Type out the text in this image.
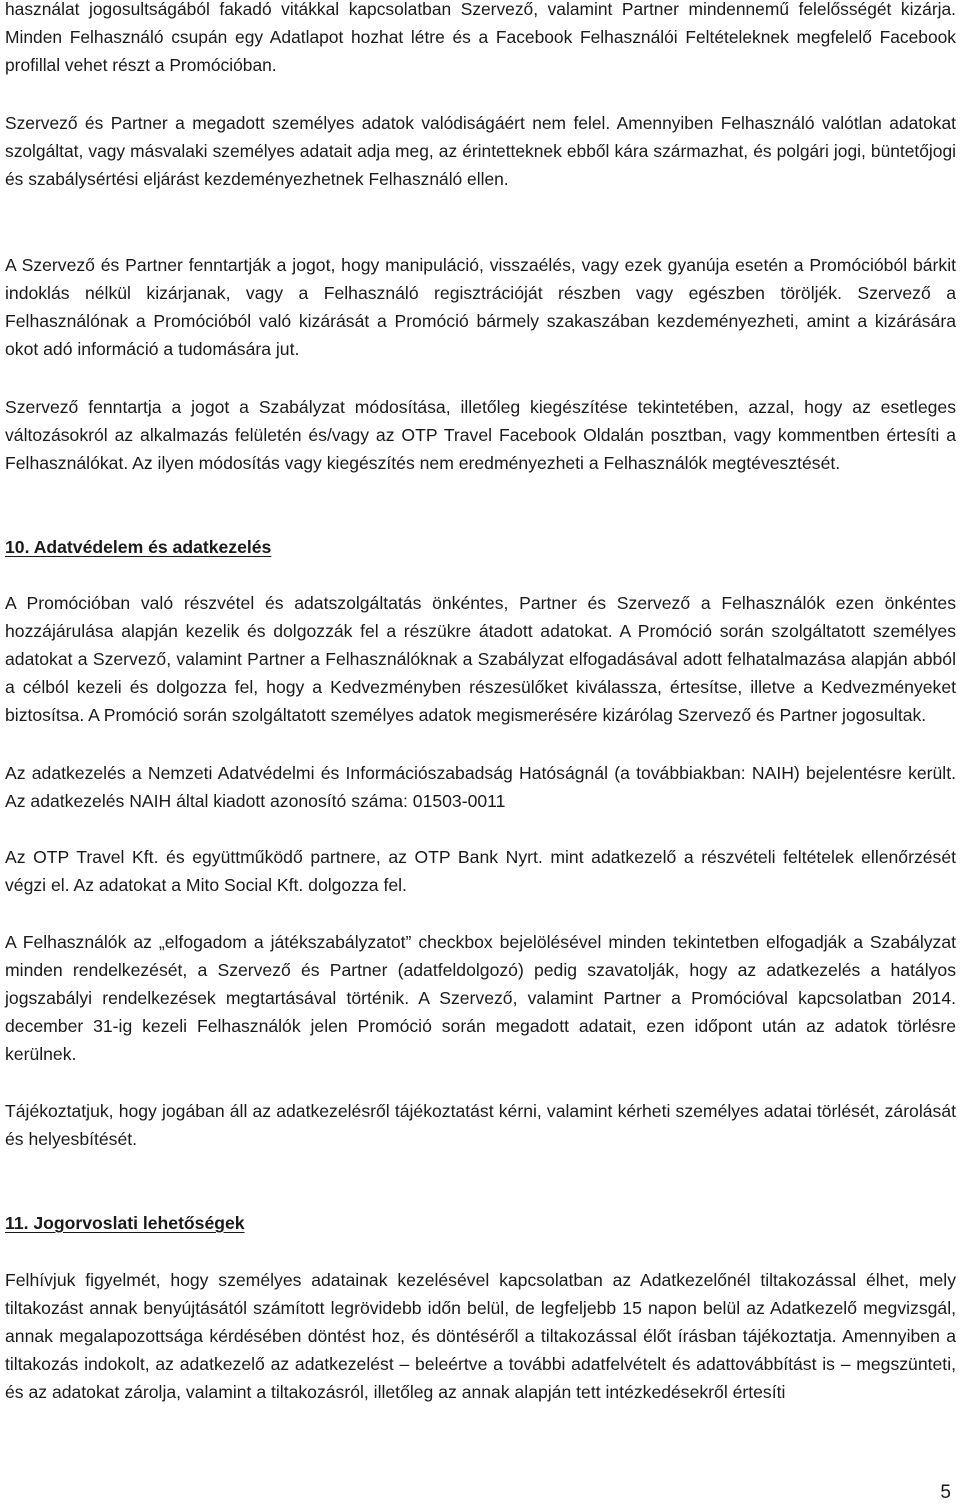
használat jogosultságából fakadó vitákkal kapcsolatban Szervező, valamint Partner mindennemű felelősségét kizárja. Minden Felhasználó csupán egy Adatlapot hozhat létre és a Facebook Felhasználói Feltételeknek megfelelő Facebook profillal vehet részt a Promócióban.

Szervező és Partner a megadott személyes adatok valódiságáért nem felel. Amennyiben Felhasználó valótlan adatokat szolgáltat, vagy másvalaki személyes adatait adja meg, az érintetteknek ebből kára származhat, és polgári jogi, büntetőjogi és szabálysértési eljárást kezdeményezhetnek Felhasználó ellen.

A Szervező és Partner fenntartják a jogot, hogy manipuláció, visszaélés, vagy ezek gyanúja esetén a Promócióból bárkit indoklás nélkül kizárjanak, vagy a Felhasználó regisztrációját részben vagy egészben töröljék. Szervező a Felhasználónak a Promócióból való kizárását a Promóció bármely szakaszában kezdeményezheti, amint a kizárására okot adó információ a tudomására jut.

Szervező fenntartja a jogot a Szabályzat módosítása, illetőleg kiegészítése tekintetében, azzal, hogy az esetleges változásokról az alkalmazás felületén és/vagy az OTP Travel Facebook Oldalán posztban, vagy kommentben értesíti a Felhasználókat. Az ilyen módosítás vagy kiegészítés nem eredményezheti a Felhasználók megtévesztését.

10. Adatvédelem és adatkezelés

A Promócióban való részvétel és adatszolgáltatás önkéntes, Partner és Szervező a Felhasználók ezen önkéntes hozzájárulása alapján kezelik és dolgozzák fel a részükre átadott adatokat. A Promóció során szolgáltatott személyes adatokat a Szervező, valamint Partner a Felhasználóknak a Szabályzat elfogadásával adott felhatalmazása alapján abból a célból kezeli és dolgozza fel, hogy a Kedvezményben részesülőket kiválassza, értesítse, illetve a Kedvezményeket biztosítsa. A Promóció során szolgáltatott személyes adatok megismerésére kizárólag Szervező és Partner jogosultak.

Az adatkezelés a Nemzeti Adatvédelmi és Információszabadság Hatóságnál (a továbbiakban: NAIH) bejelentésre került. Az adatkezelés NAIH által kiadott azonosító száma: 01503-0011

Az OTP Travel Kft. és együttműködő partnere, az OTP Bank Nyrt. mint adatkezelő a részvételi feltételek ellenőrzését végzi el. Az adatokat a Mito Social Kft. dolgozza fel.

A Felhasználók az „elfogadom a játékszabályzatot” checkbox bejelölésével minden tekintetben elfogadják a Szabályzat minden rendelkezését, a Szervező és Partner (adatfeldolgozó) pedig szavatolják, hogy az adatkezelés a hatályos jogszabályi rendelkezések megtartásával történik. A Szervező, valamint Partner a Promócióval kapcsolatban 2014. december 31-ig kezeli Felhasználók jelen Promóció során megadott adatait, ezen időpont után az adatok törlésre kerülnek.

Tájékoztatjuk, hogy jogában áll az adatkezelésről tájékoztatást kérni, valamint kérheti személyes adatai törlését, zárolását és helyesbítését.

11. Jogorvoslati lehetőségek

Felhívjuk figyelmét, hogy személyes adatainak kezelésével kapcsolatban az Adatkezelőnél tiltakozással élhet, mely tiltakozást annak benyújtásától számított legrövidebb időn belül, de legfeljebb 15 napon belül az Adatkezelő megvizsgál, annak megalapozottsága kérdésében döntést hoz, és döntéséről a tiltakozással élőt írásban tájékoztatja. Amennyiben a tiltakozás indokolt, az adatkezelő az adatkezelést – beleértve a további adatfelvételt és adattovábbítást is – megszünteti, és az adatokat zárolja, valamint a tiltakozásról, illetőleg az annak alapján tett intézkedésekről értesíti

5
